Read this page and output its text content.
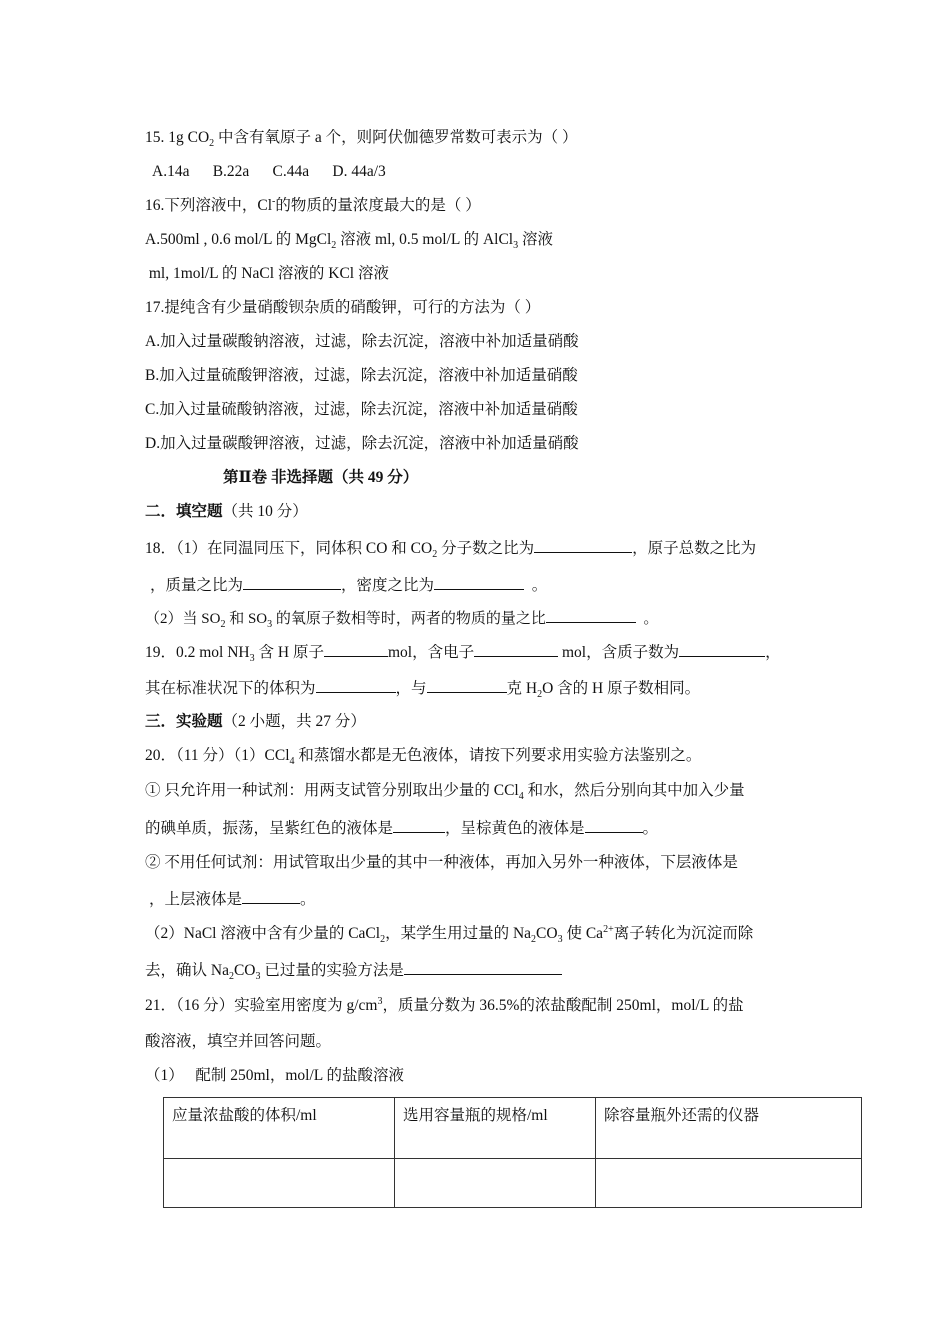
15. 1g $CO_2$ 中含有氧原子 a 个，则阿伏伽德罗常数可表示为（ ）
A.14a      B.22a      C.44a      D. 44a/3
16.下列溶液中，Cl-的物质的量浓度最大的是（ ）
A.500ml , 0.6 mol/L 的 MgCl$_2$ 溶液 ml, 0.5 mol/L 的 AlCl$_3$ 溶液
ml, 1mol/L 的 NaCl 溶液的 KCl 溶液
17.提纯含有少量硝酸钡杂质的硝酸钾，可行的方法为（ ）
A.加入过量碳酸钠溶液，过滤，除去沉淀，溶液中补加适量硝酸
B.加入过量硫酸钾溶液，过滤，除去沉淀，溶液中补加适量硝酸
C.加入过量硫酸钠溶液，过滤，除去沉淀，溶液中补加适量硝酸
D.加入过量碳酸钾溶液，过滤，除去沉淀，溶液中补加适量硝酸
第Ⅱ卷 非选择题（共 49 分）
二．填空题（共 10 分）
18．（1）在同温同压下，同体积 CO 和 $CO_2$ 分子数之比为	，原子总数之比为
，质量之比为	，密度之比为	。
（2）当 $SO_2$ 和 $SO_3$ 的氧原子数相等时，两者的物质的量之比	。
19．0.2 mol $NH_3$ 含 H 原子	mol，含电子	mol，含质子数为	，
其在标准状况下的体积为	，与	克 $H_2O$ 含的 H 原子数相同。
三．实验题（2 小题，共 27 分）
20．（11 分）（1）CCl$_4$ 和蒸馏水都是无色液体，请按下列要求用实验方法鉴别之。
① 只允许用一种试剂：用两支试管分别取出少量的 CCl$_4$ 和水，然后分别向其中加入少量
的碘单质，振荡，呈紫红色的液体是	，呈棕黄色的液体是	。
② 不用任何试剂：用试管取出少量的其中一种液体，再加入另外一种液体，下层液体是
，上层液体是	。
（2）NaCl 溶液中含有少量的 CaCl$_2$，某学生用过量的 $Na_2CO_3$ 使 $Ca^{2+}$离子转化为沉淀而除
去，确认 $Na_2CO_3$ 已过量的实验方法是
21．（16 分）实验室用密度为 $g/cm^3$，质量分数为 36.5%的浓盐酸配制 250ml，mol/L 的盐
酸溶液，填空并回答问题。
（1）   配制 250ml，mol/L 的盐酸溶液
应量浓盐酸的体积/ml	选用容量瓶的规格/ml	除容量瓶外还需的仪器
